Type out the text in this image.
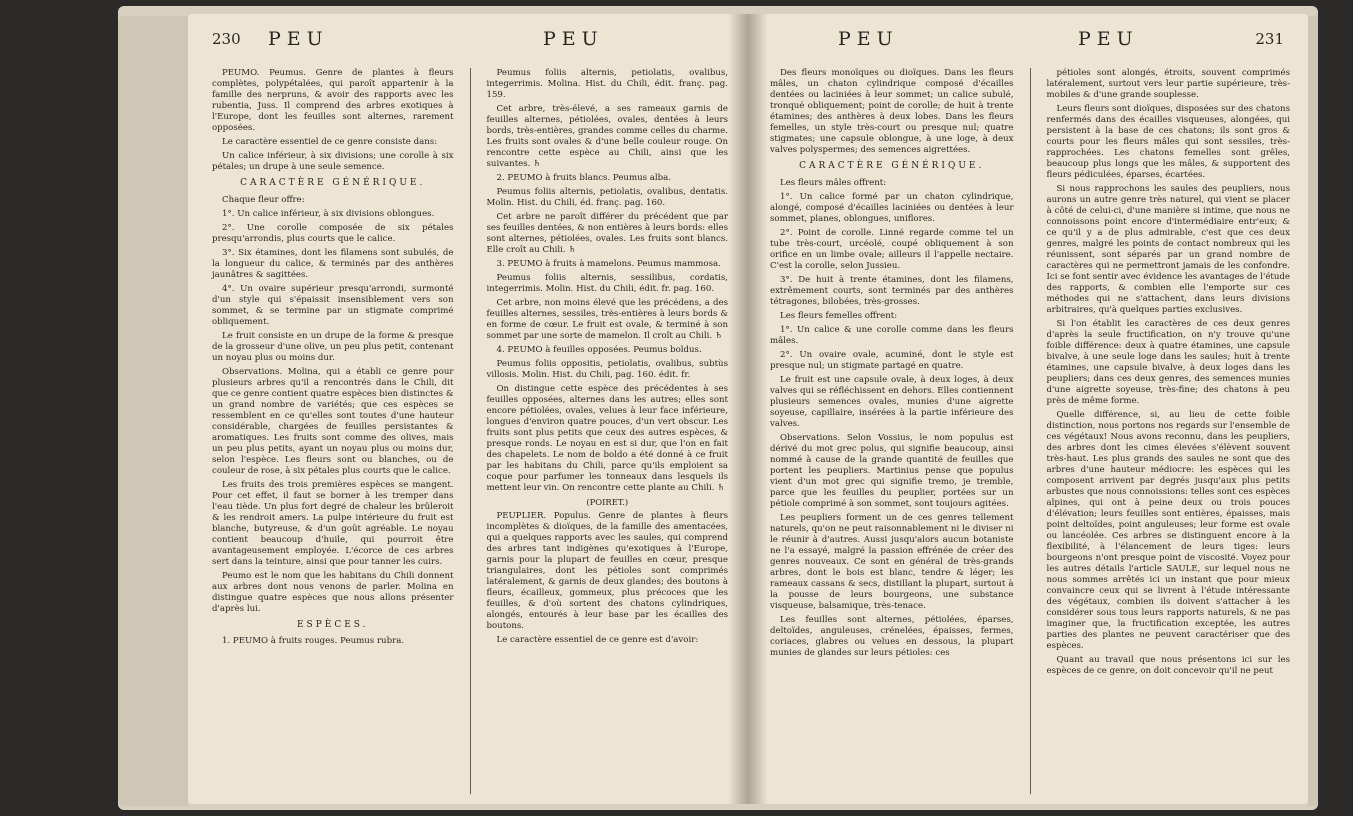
230 PEU	PEU

PEUMO. Peumus. Genre de plantes à fleurs complètes, polypétalées, qui paroît appartenir à la famille des nerpruns, & avoir des rapports avec les rubentia, Juss. Il comprend des arbres exotiques à l'Europe, dont les feuilles sont alternes, rarement opposées.

Le caractère essentiel de ce genre consiste dans:

Un calice inférieur, à six divisions; une corolle à six pétales; un drupe à une seule semence.

CARACTÈRE GÉNÉRIQUE.

Chaque fleur offre:

1°. Un calice inférieur, à six divisions oblongues.

2°. Une corolle composée de six pétales presqu'arrondis, plus courts que le calice.

3°. Six étamines, dont les filamens sont subulés, de la longueur du calice, & terminés par des anthères jaunâtres & sagittées.

4°. Un ovaire supérieur presqu'arrondi, surmonté d'un style qui s'épaissit insensiblement vers son sommet, & se termine par un stigmate comprimé obliquement.

Le fruit consiste en un drupe de la forme & presque de la grosseur d'une olive, un peu plus petit, contenant un noyau plus ou moins dur.

Observations. Molina, qui a établi ce genre pour plusieurs arbres qu'il a rencontrés dans le Chili, dit que ce genre contient quatre espèces bien distinctes & un grand nombre de variétés; que ces espèces se ressemblent en ce qu'elles sont toutes d'une hauteur considérable, chargées de feuilles persistantes & aromatiques. Les fruits sont comme des olives, mais un peu plus petits, ayant un noyau plus ou moins dur, selon l'espèce. Les fleurs sont ou blanches, ou de couleur de rose, à six pétales plus courts que le calice.

Les fruits des trois premières espèces se mangent. Pour cet effet, il faut se borner à les tremper dans l'eau tiède. Un plus fort degré de chaleur les brûleroit & les rendroit amers. La pulpe intérieure du fruit est blanche, butyreuse, & d'un goût agréable. Le noyau contient beaucoup d'huile, qui pourroit être avantageusement employée. L'écorce de ces arbres sert dans la teinture, ainsi que pour tanner les cuirs.

Peumo est le nom que les habitans du Chili donnent aux arbres dont nous venons de parler. Molina en distingue quatre espèces que nous allons présenter d'après lui.

ESPÈCES.

1. PEUMO à fruits rouges. Peumus rubra.

Peumus foliis alternis, petiolatis, ovalibus, integerrimis. Molina. Hist. du Chili, édit. franç. pag. 159.

Cet arbre, très-élevé, a ses rameaux garnis de feuilles alternes, pétiolées, ovales, dentées à leurs bords, très-entières, grandes comme celles du charme. Les fruits sont ovales & d'une belle couleur rouge. On rencontre cette espèce au Chili, ainsi que les suivantes. ♄

2. PEUMO à fruits blancs. Peumus alba.

Peumus foliis alternis, petiolatis, ovalibus, dentatis. Molin. Hist. du Chili, éd. franç. pag. 160.

Cet arbre ne paroît différer du précédent que par ses feuilles dentées, & non entières à leurs bords: elles sont alternes, pétiolées, ovales. Les fruits sont blancs. Elle croît au Chili. ♄

3. PEUMO à fruits à mamelons. Peumus mammosa.

Peumus foliis alternis, sessilibus, cordatis, integerrimis. Molin. Hist. du Chili, édit. fr. pag. 160.

Cet arbre, non moins élevé que les précédens, a des feuilles alternes, sessiles, très-entières à leurs bords & en forme de cœur. Le fruit est ovale, & terminé à son sommet par une sorte de mamelon. Il croît au Chili. ♄

4. PEUMO à feuilles opposées. Peumus boldus.

Peumus foliis oppositis, petiolatis, ovalibus, subtùs villosis. Molin. Hist. du Chili, pag. 160. édit. fr.

On distingue cette espèce des précédentes à ses feuilles opposées, alternes dans les autres; elles sont encore pétiolées, ovales, velues à leur face inférieure, longues d'environ quatre pouces, d'un vert obscur. Les fruits sont plus petits que ceux des autres espèces, & presque ronds. Le noyau en est si dur, que l'on en fait des chapelets. Le nom de boldo a été donné à ce fruit par les habitans du Chili, parce qu'ils emploient sa coque pour parfumer les tonneaux dans lesquels ils mettent leur vin. On rencontre cette plante au Chili. ♄

(POIRET.)

PEUPLIER. Populus. Genre de plantes à fleurs incomplètes & dioïques, de la famille des amentacées, qui a quelques rapports avec les saules, qui comprend des arbres tant indigènes qu'exotiques à l'Europe, garnis pour la plupart de feuilles en cœur, presque triangulaires, dont les pétioles sont comprimés latéralement, & garnis de deux glandes; des boutons à fleurs, écailleux, gommeux, plus précoces que les feuilles, & d'où sortent des chatons cylindriques, alongés, entourés à leur base par les écailles des boutons.

Le caractère essentiel de ce genre est d'avoir:

PEU	PEU	231

Des fleurs monoïques ou dioïques. Dans les fleurs mâles, un chaton cylindrique composé d'écailles dentées ou laciniées à leur sommet; un calice subulé, tronqué obliquement; point de corolle; de huit à trente étamines; des anthères à deux lobes. Dans les fleurs femelles, un style très-court ou presque nul; quatre stigmates; une capsule oblongue, à une loge, à deux valves polyspermes; des semences aigrettées.

CARACTÈRE GÉNÉRIQUE.

Les fleurs mâles offrent:

1°. Un calice formé par un chaton cylindrique, alongé, composé d'écailles laciniées ou dentées à leur sommet, planes, oblongues, uniflores.

2°. Point de corolle. Linné regarde comme tel un tube très-court, urcéolé, coupé obliquement à son orifice en un limbe ovale; ailleurs il l'appelle nectaire. C'est la corolle, selon Jussieu.

3°. De huit à trente étamines, dont les filamens, extrêmement courts, sont terminés par des anthères tétragones, bilobées, très-grosses.

Les fleurs femelles offrent:

1°. Un calice & une corolle comme dans les fleurs mâles.

2°. Un ovaire ovale, acuminé, dont le style est presque nul; un stigmate partagé en quatre.

Le fruit est une capsule ovale, à deux loges, à deux valves qui se réfléchissent en dehors. Elles contiennent plusieurs semences ovales, munies d'une aigrette soyeuse, capillaire, insérées à la partie inférieure des valves.

Observations. Selon Vossius, le nom populus est dérivé du mot grec polus, qui signifie beaucoup, ainsi nommé à cause de la grande quantité de feuilles que portent les peupliers. Martinius pense que populus vient d'un mot grec qui signifie tremo, je tremble, parce que les feuilles du peuplier, portées sur un pétiole comprimé à son sommet, sont toujours agitées.

Les peupliers forment un de ces genres tellement naturels, qu'on ne peut raisonnablement ni le diviser ni le réunir à d'autres. Aussi jusqu'alors aucun botaniste ne l'a essayé, malgré la passion effrénée de créer des genres nouveaux. Ce sont en général de très-grands arbres, dont le bois est blanc, tendre & léger; les rameaux cassans & secs, distillant la plupart, surtout à la pousse de leurs bourgeons, une substance visqueuse, balsamique, très-tenace.

Les feuilles sont alternes, pétiolées, éparses, deltoïdes, anguleuses, crénelées, épaisses, fermes, coriaces, glabres ou velues en dessous, la plupart munies de glandes sur leurs pétioles: ces

pétioles sont alongés, étroits, souvent comprimés latéralement, surtout vers leur partie supérieure, très-mobiles & d'une grande souplesse.

Leurs fleurs sont dioïques, disposées sur des chatons renfermés dans des écailles visqueuses, alongées, qui persistent à la base de ces chatons; ils sont gros & courts pour les fleurs mâles qui sont sessiles, très-rapprochées. Les chatons femelles sont grêles, beaucoup plus longs que les mâles, & supportent des fleurs pédiculées, éparses, écartées.

Si nous rapprochons les saules des peupliers, nous aurons un autre genre très naturel, qui vient se placer à côté de celui-ci, d'une manière si intime, que nous ne connoissons point encore d'intermédiaire entr'eux; & ce qu'il y a de plus admirable, c'est que ces deux genres, malgré les points de contact nombreux qui les réunissent, sont séparés par un grand nombre de caractères qui ne permettront jamais de les confondre. Ici se font sentir avec évidence les avantages de l'étude des rapports, & combien elle l'emporte sur ces méthodes qui ne s'attachent, dans leurs divisions arbitraires, qu'à quelques parties exclusives.

Si l'on établit les caractères de ces deux genres d'après la seule fructification, on n'y trouve qu'une foible différence: deux à quatre étamines, une capsule bivalve, à une seule loge dans les saules; huit à trente étamines, une capsule bivalve, à deux loges dans les peupliers; dans ces deux genres, des semences munies d'une aigrette soyeuse, très-fine; des chatons à peu près de même forme.

Quelle différence, si, au lieu de cette foible distinction, nous portons nos regards sur l'ensemble de ces végétaux! Nous avons reconnu, dans les peupliers, des arbres dont les cimes élevées s'élèvent souvent très-haut. Les plus grands des saules ne sont que des arbres d'une hauteur médiocre: les espèces qui les composent arrivent par degrés jusqu'aux plus petits arbustes que nous connoissions: telles sont ces espèces alpines, qui ont à peine deux ou trois pouces d'élévation; leurs feuilles sont entières, épaisses, mais point deltoïdes, point anguleuses; leur forme est ovale ou lancéolée. Ces arbres se distinguent encore à la flexibilité, à l'élancement de leurs tiges: leurs bourgeons n'ont presque point de viscosité. Voyez pour les autres détails l'article SAULE, sur lequel nous ne nous sommes arrêtés ici un instant que pour mieux convaincre ceux qui se livrent à l'étude intéressante des végétaux, combien ils doivent s'attacher à les considérer sous tous leurs rapports naturels, & ne pas imaginer que, la fructification exceptée, les autres parties des plantes ne peuvent caractériser que des espèces.

Quant au travail que nous présentons ici sur les espèces de ce genre, on doit concevoir qu'il ne peut
